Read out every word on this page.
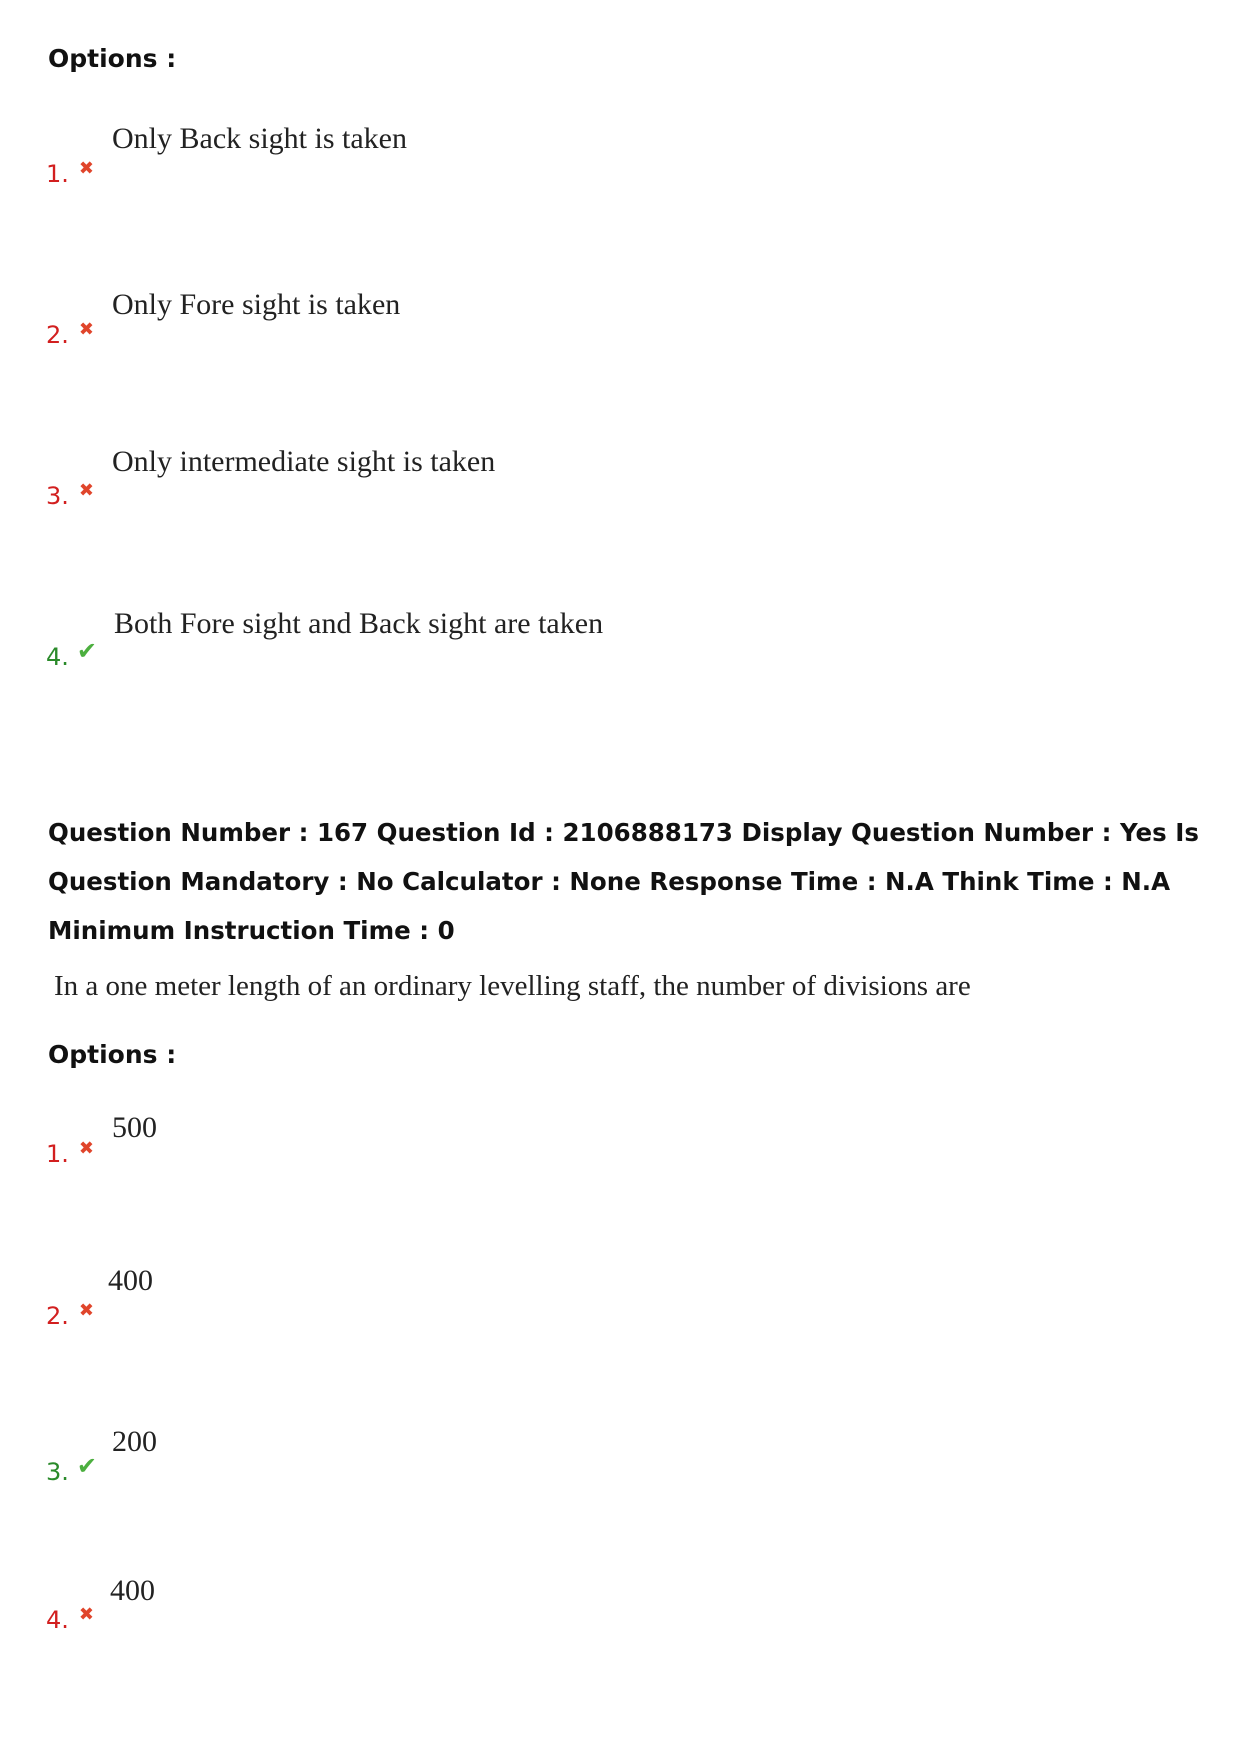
Options :
Only Back sight is taken
1. ✖
Only Fore sight is taken
2. ✖
Only intermediate sight is taken
3. ✖
Both Fore sight and Back sight are taken
4. ✔
Question Number : 167 Question Id : 2106888173 Display Question Number : Yes Is Question Mandatory : No Calculator : None Response Time : N.A Think Time : N.A Minimum Instruction Time : 0
In a one meter length of an ordinary levelling staff, the number of divisions are
Options :
500
1. ✖
400
2. ✖
200
3. ✔
400
4. ✖
